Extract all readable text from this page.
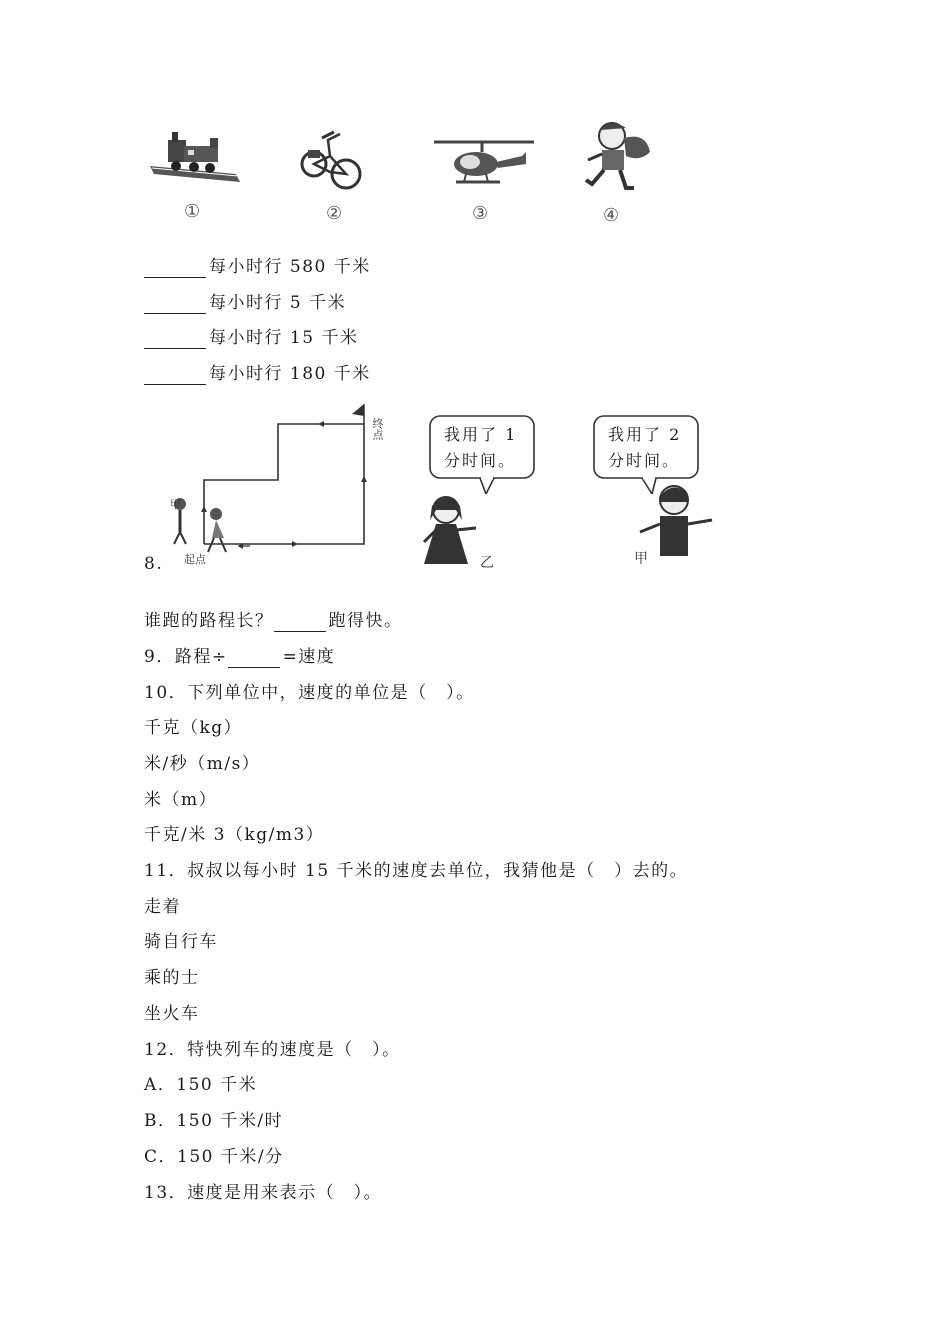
①	②	③	④
每小时行 580 千米
每小时行 5 千米
每小时行 15 千米
每小时行 180 千米
终点
起点
甲
我用了 1
分时间。
乙
我用了 2
分时间。
甲
8.
谁跑的路程长？	跑得快。
9．路程÷	=速度
10．下列单位中，速度的单位是（　）。
千克（kg）
米/秒（m/s）
米（m）
千克/米 3（kg/m3）
11．叔叔以每小时 15 千米的速度去单位，我猜他是（　）去的。
走着
骑自行车
乘的士
坐火车
12．特快列车的速度是（　）。
A．150 千米
B．150 千米/时
C．150 千米/分
13．速度是用来表示（　）。
